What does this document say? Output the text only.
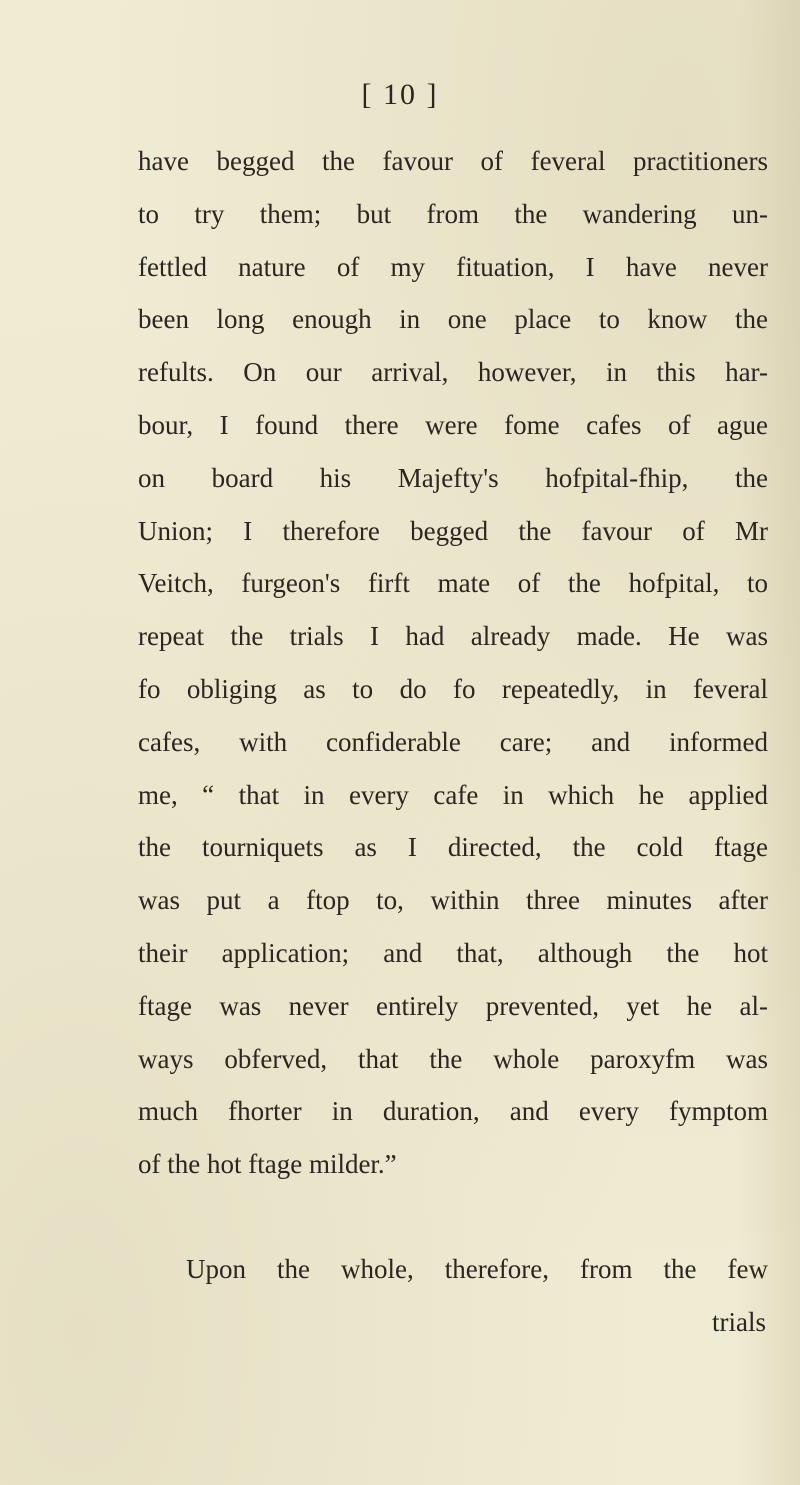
[ 10 ]
have begged the favour of feveral practitioners
to try them; but from the wandering un-
fettled nature of my fituation, I have never
been long enough in one place to know the
refults. On our arrival, however, in this har-
bour, I found there were fome cafes of ague
on board his Majefty's hofpital-fhip, the
Union; I therefore begged the favour of Mr
Veitch, furgeon's firft mate of the hofpital, to
repeat the trials I had already made. He was
fo obliging as to do fo repeatedly, in feveral
cafes, with confiderable care; and informed
me, “ that in every cafe in which he applied
the tourniquets as I directed, the cold ftage
was put a ftop to, within three minutes after
their application; and that, although the hot
ftage was never entirely prevented, yet he al-
ways obferved, that the whole paroxyfm was
much fhorter in duration, and every fymptom
of the hot ftage milder.”
Upon the whole, therefore, from the few
trials
